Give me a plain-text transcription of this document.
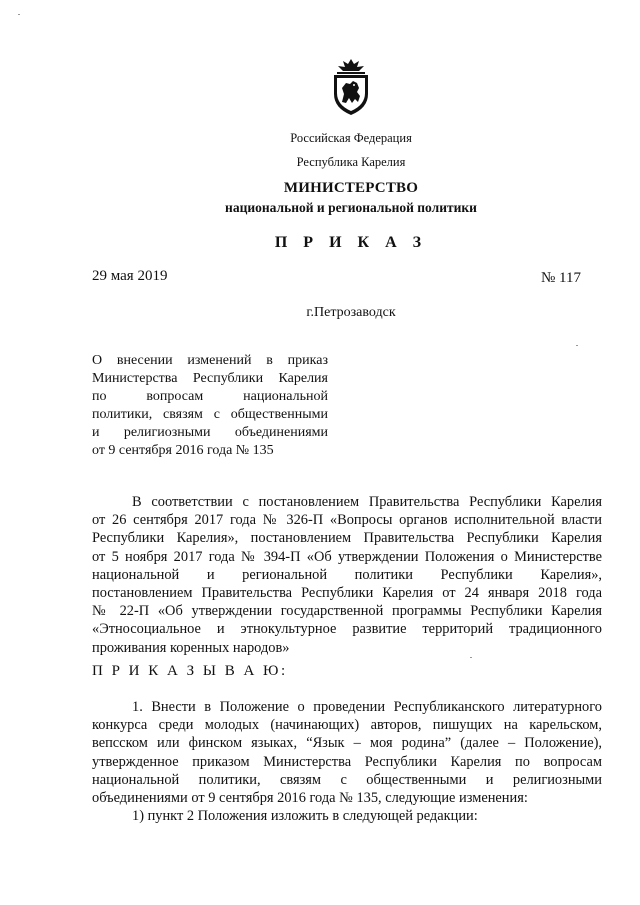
Российская Федерация
Республика Карелия
МИНИСТЕРСТВО
национальной и региональной политики
П Р И К А З
29 мая 2019	№ 117
г.Петрозаводск
О внесении изменений в приказ
Министерства Республики Карелия
по вопросам национальной
политики, связям с общественными
и религиозными объединениями
от 9 сентября 2016 года № 135
В соответствии с постановлением Правительства Республики Карелия
от 26 сентября 2017 года № 326-П «Вопросы органов исполнительной власти
Республики Карелия», постановлением Правительства Республики Карелия
от 5 ноября 2017 года № 394-П «Об утверждении Положения о Министерстве
национальной и региональной политики Республики Карелия»,
постановлением Правительства Республики Карелия от 24 января 2018 года
№ 22-П «Об утверждении государственной программы Республики Карелия
«Этносоциальное и этнокультурное развитие территорий традиционного
проживания коренных народов»
П Р И К А З Ы В А Ю:
1. Внести в Положение о проведении Республиканского литературного
конкурса среди молодых (начинающих) авторов, пишущих на карельском,
вепсском или финском языках, “Язык – моя родина” (далее – Положение),
утвержденное приказом Министерства Республики Карелия по вопросам
национальной политики, связям с общественными и религиозными
объединениями от 9 сентября 2016 года № 135, следующие изменения:
1) пункт 2 Положения изложить в следующей редакции:
